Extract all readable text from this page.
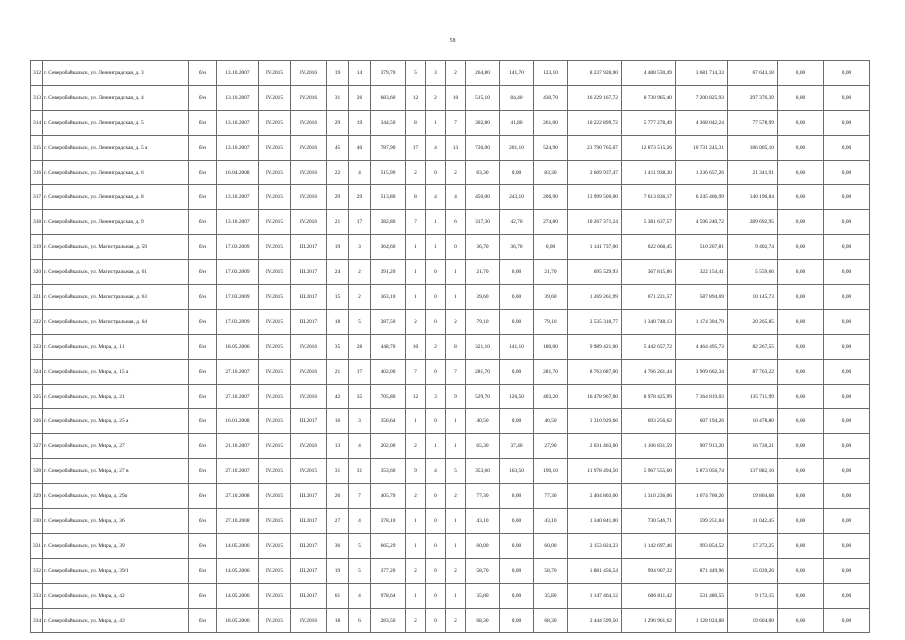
58
312	г. Северобайкальск, ул. Ленинградская, д. 3	б/н	13.10.2007	IV.2015	IV.2016	19	14	379,70	5	3	2	264,80	141,70	123,10	8 237 928,00	4 488 530,49	3 681 714,33	67 643,18	0,00	0,00
313	г. Северобайкальск, ул. Ленинградская, д. 4	б/н	13.10.2007	IV.2015	IV.2016	31	26	683,60	12	2	10	515,10	84,40	430,70	16 229 167,72	8 730 965,40	7 200 825,93	297 376,39	0,00	0,00
314	г. Северобайкальск, ул. Ленинградская, д. 5	б/н	13.10.2007	IV.2015	IV.2016	29	19	344,50	8	1	7	302,80	41,80	261,00	10 222 899,72	5 777 278,49	4 368 042,24	77 578,99	0,00	0,00
315	г. Северобайкальск, ул. Ленинградская, д. 5 а	б/н	13.10.2007	IV.2015	IV.2016	45	40	787,90	17	4	13	726,00	201,10	524,90	23 790 765,67	12 873 515,26	10 731 245,31	186 005,10	0,00	0,00
316	г. Северобайкальск, ул. Ленинградская, д. 6	б/н	16.04.2008	IV.2015	IV.2016	22	4	515,99	2	0	2	83,30	0,00	83,30	2 669 937,47	1 411 938,30	1 236 657,26	21 341,91	0,00	0,00
317	г. Северобайкальск, ул. Ленинградская, д. 8	б/н	13.10.2007	IV.2015	IV.2016	29	29	513,80	8	4	4	450,00	243,10	206,90	13 999 500,00	7 613 836,17	6 245 466,99	140 196,84	0,00	0,00
318	г. Северобайкальск, ул. Ленинградская, д. 9	б/н	13.10.2007	IV.2015	IV.2016	21	17	382,80	7	1	6	317,30	42,70	274,80	10 267 371,24	5 381 637,57	4 596 240,72	289 692,95	0,00	0,00
319	г. Северобайкальск, ул. Магистральная, д. 59	б/н	17.03.2009	IV.2015	III.2017	19	3	364,60	1	1	0	36,70	36,70	0,00	1 141 737,00	622 068,45	510 267,81	9 402,74	0,00	0,00
320	г. Северобайкальск, ул. Магистральная, д. 61	б/н	17.03.2009	IV.2015	III.2017	24	2	391,20	1	0	1	21,70	0,00	21,70	695 529,93	367 815,86	322 154,41	5 559,66	0,00	0,00
321	г. Северобайкальск, ул. Магистральная, д. 63	б/н	17.03.2009	IV.2015	III.2017	15	2	363,10	1	0	1	39,60	0,00	39,60	1 269 261,99	671 221,57	587 894,69	10 145,73	0,00	0,00
322	г. Северобайкальск, ул. Магистральная, д. 64	б/н	17.03.2009	IV.2015	III.2017	18	5	387,50	2	0	2	79,10	0,00	79,10	2 535 318,77	1 340 748,13	1 174 304,79	20 265,85	0,00	0,00
323	г. Северобайкальск, ул. Мира, д. 11	б/н	18.05.2006	IV.2015	IV.2016	35	28	448,70	10	2	8	321,10	141,10	180,00	9 989 421,00	5 442 657,72	4 464 495,73	82 267,55	0,00	0,00
324	г. Северобайкальск, ул. Мира, д. 15 а	б/н	27.10.2007	IV.2015	IV.2016	21	17	402,00	7	0	7	281,70	0,00	281,70	8 763 687,00	4 766 261,44	3 909 662,34	87 763,22	0,00	0,00
325	г. Северобайкальск, ул. Мира, д. 21	б/н	27.10.2007	IV.2015	IV.2016	42	35	705,80	12	3	9	529,70	126,50	403,20	16 478 967,00	8 978 425,99	7 364 819,03	135 711,99	0,00	0,00
326	г. Северобайкальск, ул. Мира, д. 25 а	б/н	16.01.2008	IV.2015	III.2017	16	3	356,64	1	0	1	40,50	0,00	40,50	1 310 929,66	693 256,62	607 194,26	10 478,80	0,00	0,00
327	г. Северобайкальск, ул. Мира, д. 27	б/н	21.10.2007	IV.2015	IV.2016	13	4	202,00	2	1	1	65,30	37,40	27,90	2 031 463,00	1 106 831,59	907 913,20	16 730,21	0,00	0,00
328	г. Северобайкальск, ул. Мира, д. 27 в	б/н	27.10.2007	IV.2015	IV.2015	31	31	353,60	9	4	5	353,60	163,50	190,10	11 978 494,50	5 967 555,60	5 873 056,74	137 882,16	0,00	0,00
329	г. Северобайкальск, ул. Мира, д. 29а	б/н	27.10.2008	IV.2015	III.2017	26	7	405,70	2	0	2	77,30	0,00	77,30	2 404 803,00	1 310 236,06	1 074 760,26	19 804,68	0,00	0,00
330	г. Северобайкальск, ул. Мира, д. 36	б/н	27.10.2008	IV.2015	III.2017	27	4	378,10	1	0	1	43,10	0,00	43,10	1 340 841,00	730 546,71	599 251,84	11 042,45	0,00	0,00
331	г. Северобайкальск, ул. Мира, д. 39	б/н	14.05.2006	IV.2015	III.2017	36	5	665,29	1	0	1	60,00	0,00	60,00	2 153 824,23	1 142 697,46	993 854,52	17 272,25	0,00	0,00
332	г. Северобайкальск, ул. Мира, д. 39/1	б/н	14.05.2006	IV.2015	III.2017	19	5	377,20	2	0	2	58,70	0,00	58,70	1 881 456,54	994 907,32	871 449,96	15 039,26	0,00	0,00
333	г. Северобайкальск, ул. Мира, д. 42	б/н	14.05.2006	IV.2015	III.2017	61	4	978,64	1	0	1	35,80	0,00	35,80	1 147 464,12	606 811,42	531 480,55	9 172,15	0,00	0,00
334	г. Северобайкальск, ул. Мира, д. 43	б/н	18.05.2006	IV.2015	IV.2016	18	6	283,50	2	0	2	68,30	0,00	68,30	2 444 599,50	1 296 961,62	1 128 024,88	19 604,00	0,00	0,00
